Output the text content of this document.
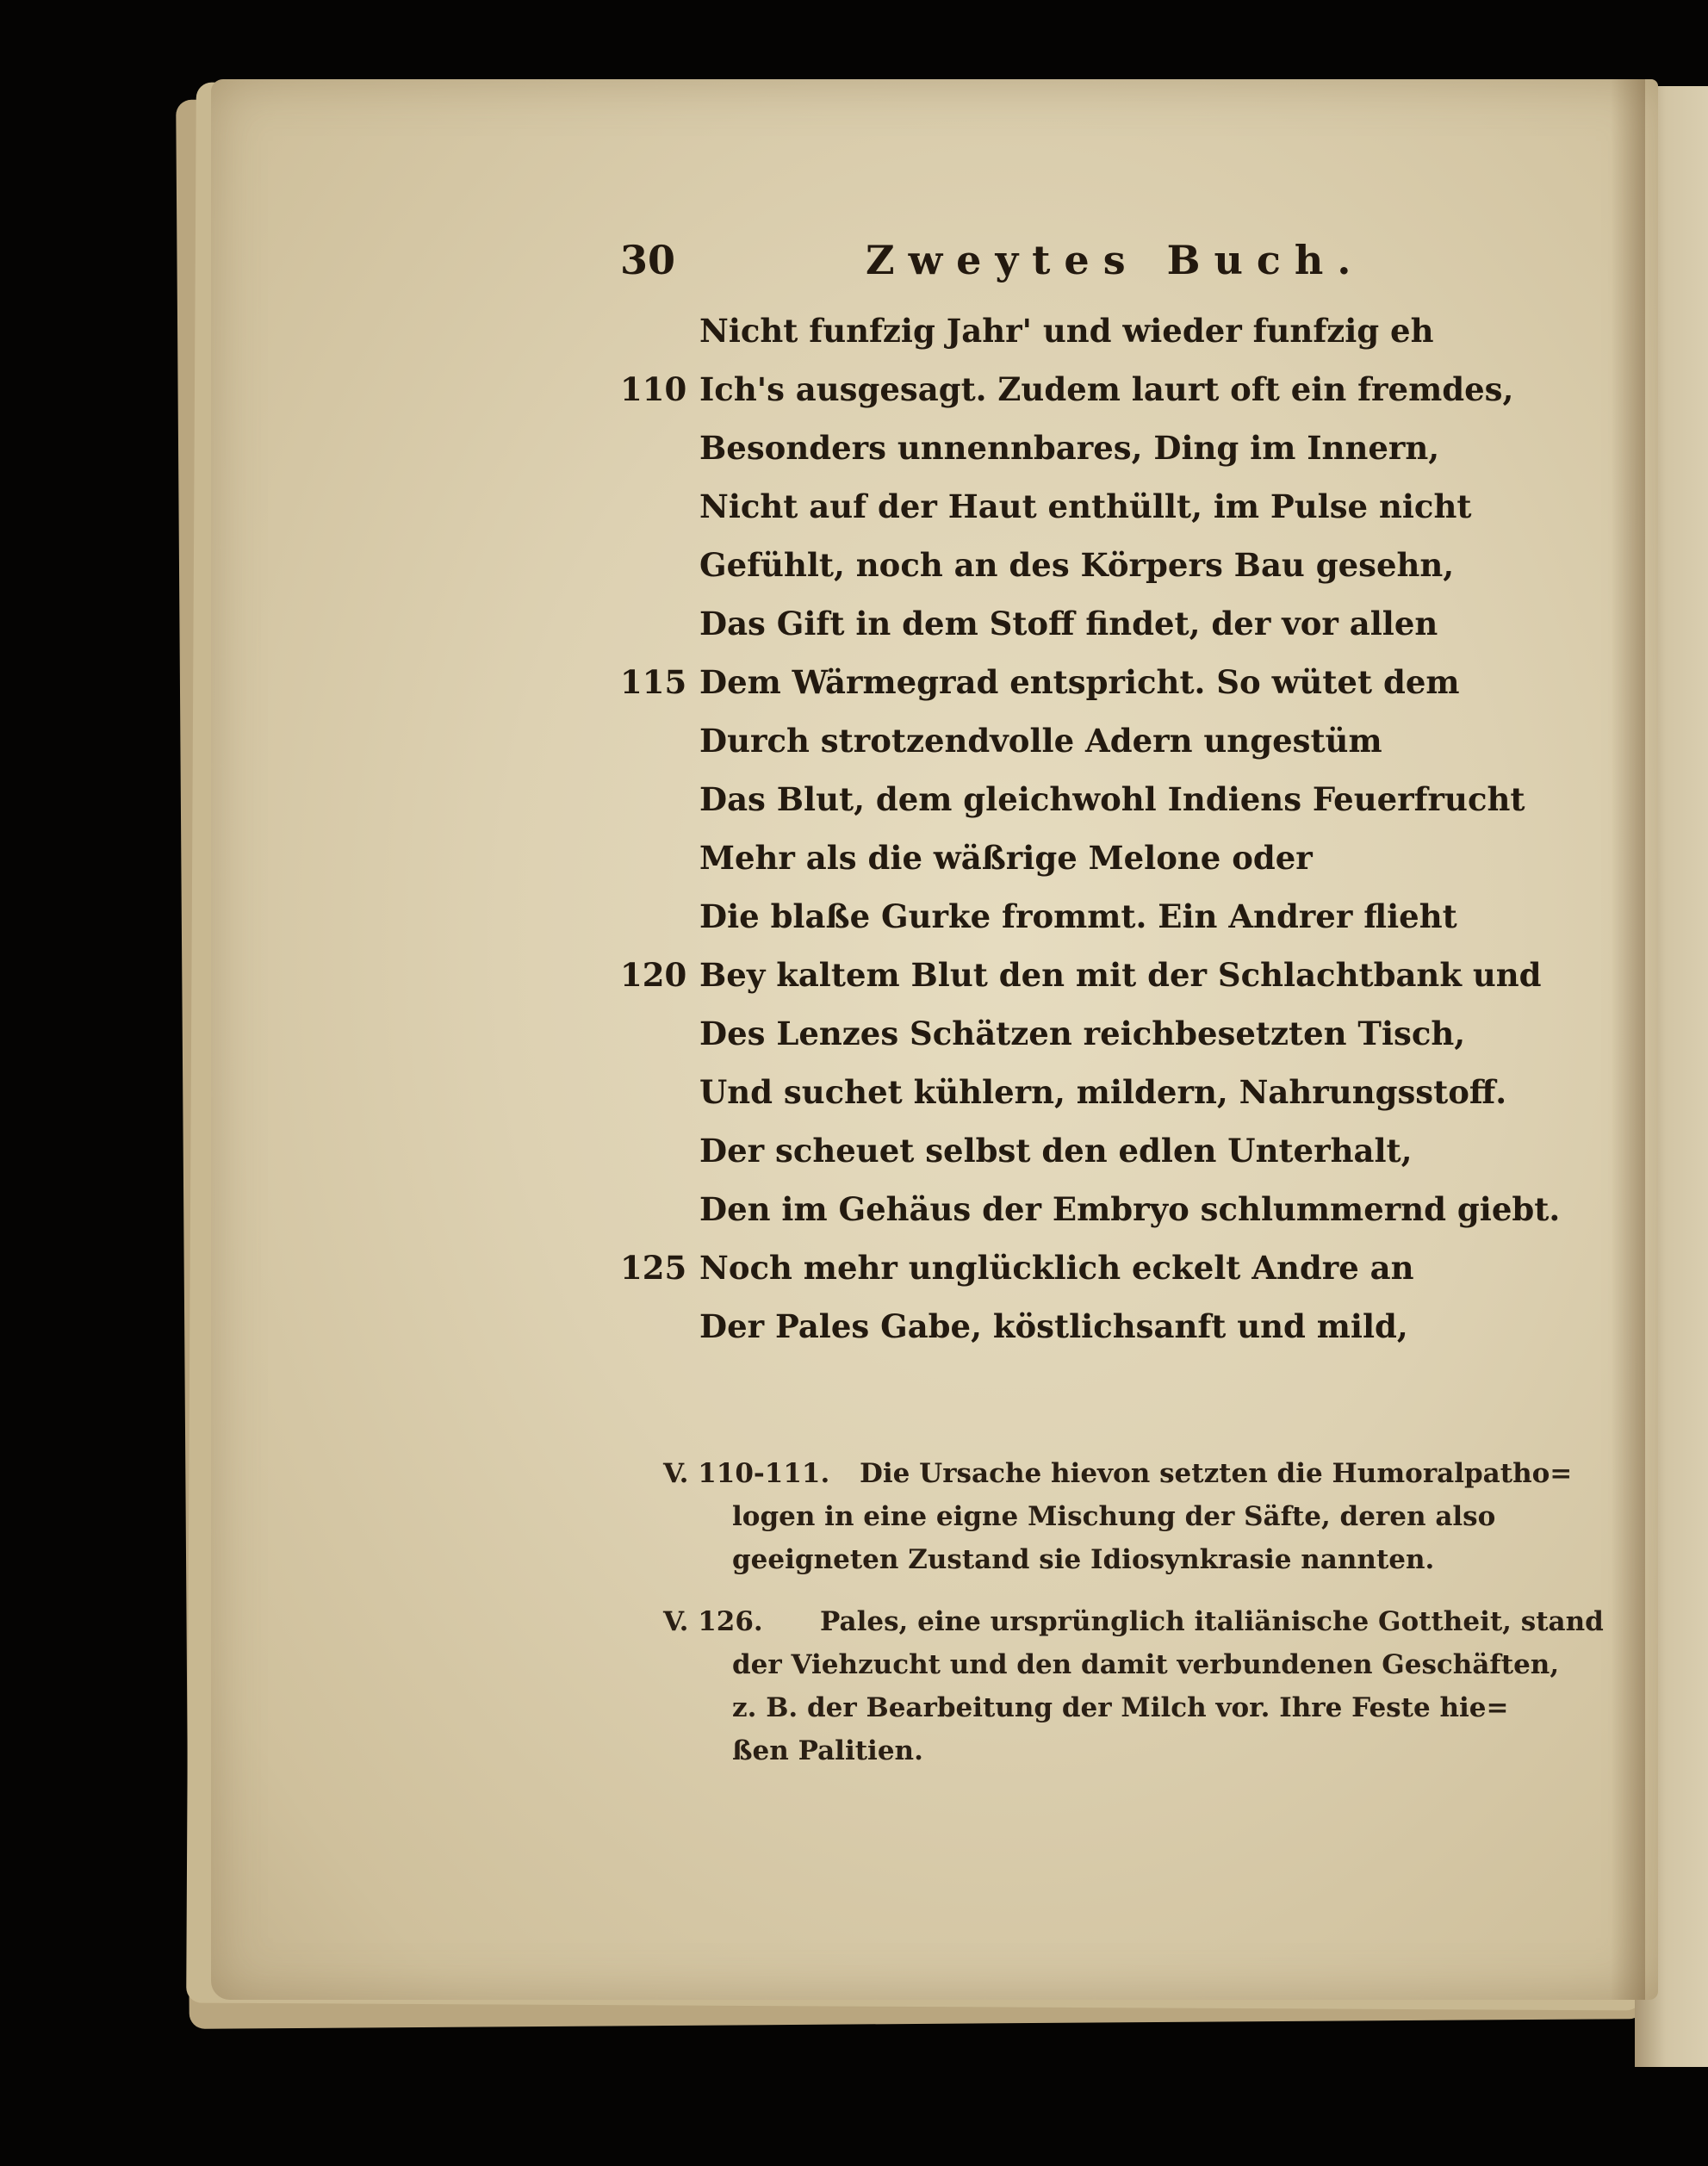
30	Zweytes Buch.
Nicht funfzig Jahr' und wieder funfzig eh
110 Ich's ausgesagt. Zudem laurt oft ein fremdes,
Besonders unnennbares, Ding im Innern,
Nicht auf der Haut enthüllt, im Pulse nicht
Gefühlt, noch an des Körpers Bau gesehn,
Das Gift in dem Stoff findet, der vor allen
115 Dem Wärmegrad entspricht. So wütet dem
Durch strotzendvolle Adern ungestüm
Das Blut, dem gleichwohl Indiens Feuerfrucht
Mehr als die wäßrige Melone oder
Die blaße Gurke frommt. Ein Andrer flieht
120 Bey kaltem Blut den mit der Schlachtbank und
Des Lenzes Schätzen reichbesetzten Tisch,
Und suchet kühlern, mildern, Nahrungsstoff.
Der scheuet selbst den edlen Unterhalt,
Den im Gehäus der Embryo schlummernd giebt.
125 Noch mehr unglücklich eckelt Andre an
Der Pales Gabe, köstlichsanft und mild,
V. 110-111. Die Ursache hievon setzten die Humoralpatho=
logen in eine eigne Mischung der Säfte, deren also
geeigneten Zustand sie Idiosynkrasie nannten.
V. 126. Pales, eine ursprünglich italiänische Gottheit, stand
der Viehzucht und den damit verbundenen Geschäften,
z. B. der Bearbeitung der Milch vor. Ihre Feste hie=
ßen Palitien.
